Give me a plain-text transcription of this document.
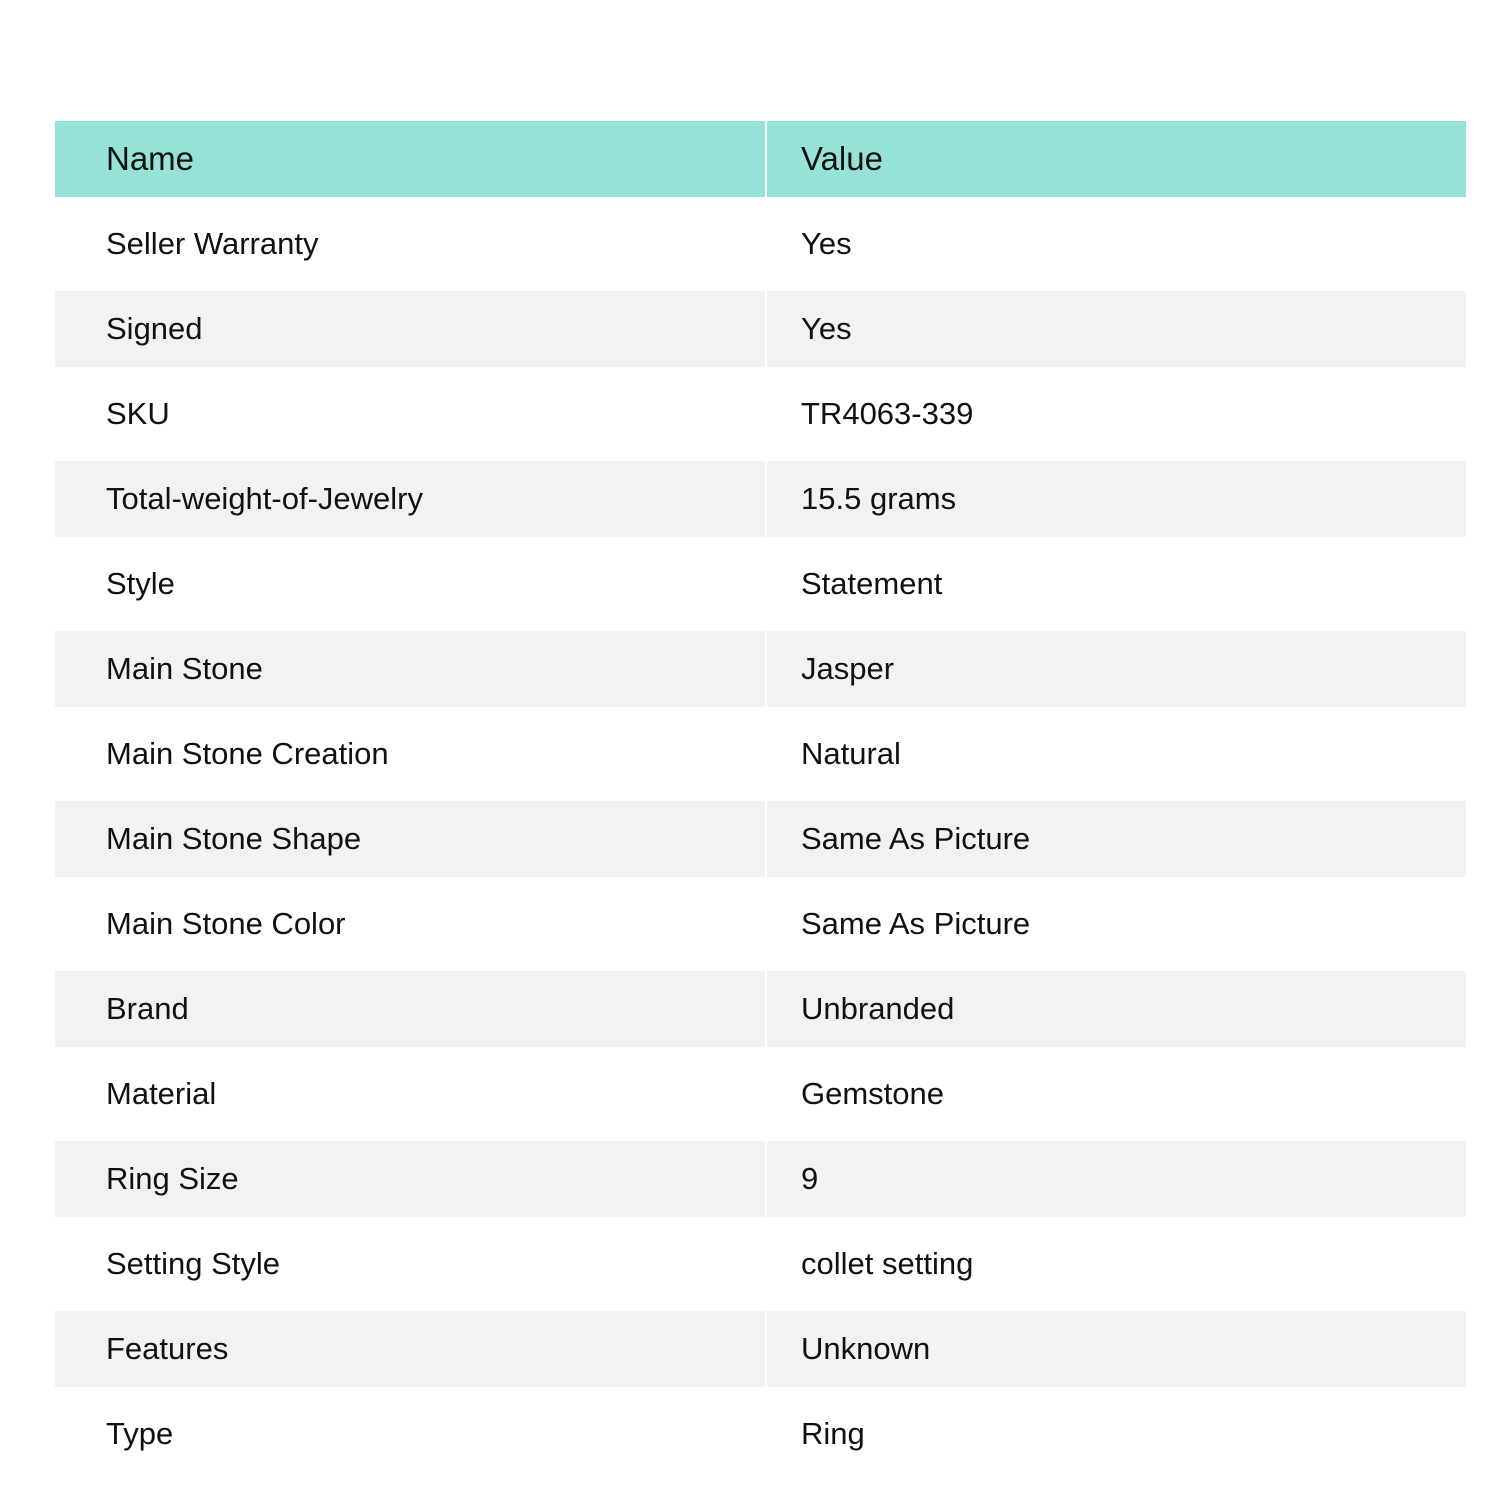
Name	Value
Seller Warranty	Yes
Signed	Yes
SKU	TR4063-339
Total-weight-of-Jewelry	15.5 grams
Style	Statement
Main Stone	Jasper
Main Stone Creation	Natural
Main Stone Shape	Same As Picture
Main Stone Color	Same As Picture
Brand	Unbranded
Material	Gemstone
Ring Size	9
Setting Style	collet setting
Features	Unknown
Type	Ring
